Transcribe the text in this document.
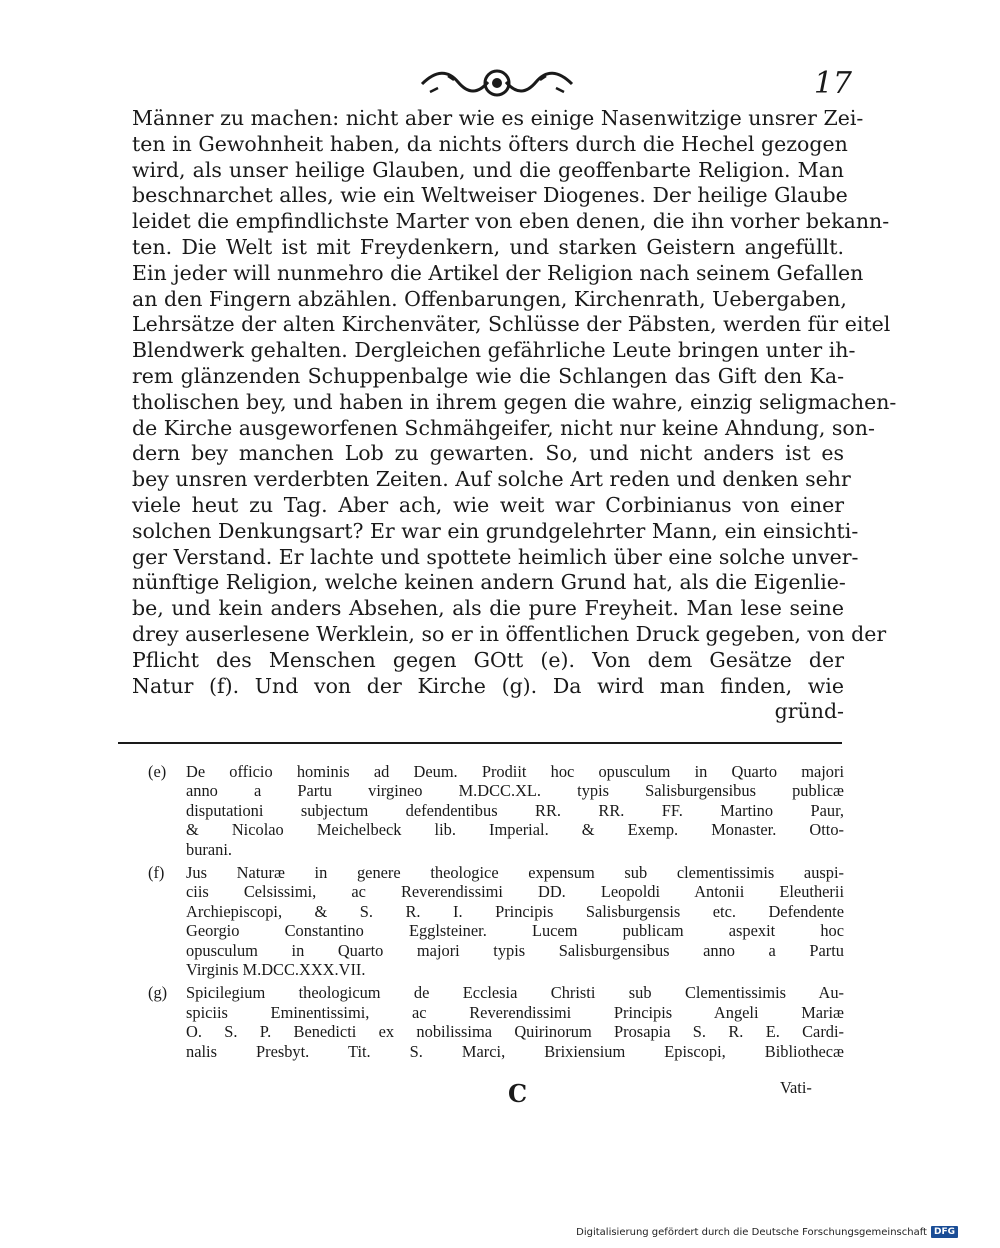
17
Männer zu machen: nicht aber wie es einige Nasenwitzige unsrer Zei-
ten in Gewohnheit haben, da nichts öfters durch die Hechel gezogen
wird, als unser heilige Glauben, und die geoffenbarte Religion. Man
beschnarchet alles, wie ein Weltweiser Diogenes. Der heilige Glaube
leidet die empfindlichste Marter von eben denen, die ihn vorher bekann-
ten. Die Welt ist mit Freydenkern, und starken Geistern angefüllt.
Ein jeder will nunmehro die Artikel der Religion nach seinem Gefallen
an den Fingern abzählen. Offenbarungen, Kirchenrath, Uebergaben,
Lehrsätze der alten Kirchenväter, Schlüsse der Päbsten, werden für eitel
Blendwerk gehalten. Dergleichen gefährliche Leute bringen unter ih-
rem glänzenden Schuppenbalge wie die Schlangen das Gift den Ka-
tholischen bey, und haben in ihrem gegen die wahre, einzig seligmachen-
de Kirche ausgeworfenen Schmähgeifer, nicht nur keine Ahndung, son-
dern bey manchen Lob zu gewarten. So, und nicht anders ist es
bey unsren verderbten Zeiten. Auf solche Art reden und denken sehr
viele heut zu Tag. Aber ach, wie weit war Corbinianus von einer
solchen Denkungsart? Er war ein grundgelehrter Mann, ein einsichti-
ger Verstand. Er lachte und spottete heimlich über eine solche unver-
nünftige Religion, welche keinen andern Grund hat, als die Eigenlie-
be, und kein anders Absehen, als die pure Freyheit. Man lese seine
drey auserlesene Werklein, so er in öffentlichen Druck gegeben, von der
Pflicht des Menschen gegen GOtt (e). Von dem Gesätze der
Natur (f). Und von der Kirche (g). Da wird man finden, wie
gründ-
(e) De officio hominis ad Deum. Prodiit hoc opusculum in Quarto majori
anno a Partu virgineo M.DCC.XL. typis Salisburgensibus publicæ
disputationi subjectum defendentibus RR. RR. FF. Martino Paur,
& Nicolao Meichelbeck lib. Imperial. & Exemp. Monaster. Otto-
burani.
(f) Jus Naturæ in genere theologice expensum sub clementissimis auspi-
ciis Celsissimi, ac Reverendissimi DD. Leopoldi Antonii Eleutherii
Archiepiscopi, & S. R. I. Principis Salisburgensis etc. Defendente
Georgio Constantino Egglsteiner. Lucem publicam aspexit hoc
opusculum in Quarto majori typis Salisburgensibus anno a Partu
Virginis M.DCC.XXX.VII.
(g) Spicilegium theologicum de Ecclesia Christi sub Clementissimis Au-
spiciis Eminentissimi, ac Reverendissimi Principis Angeli Mariæ
O. S. P. Benedicti ex nobilissima Quirinorum Prosapia S. R. E. Cardi-
nalis Presbyt. Tit. S. Marci, Brixiensium Episcopi, Bibliothecæ
C	Vati-
Digitalisierung gefördert durch die Deutsche Forschungsgemeinschaft DFG
